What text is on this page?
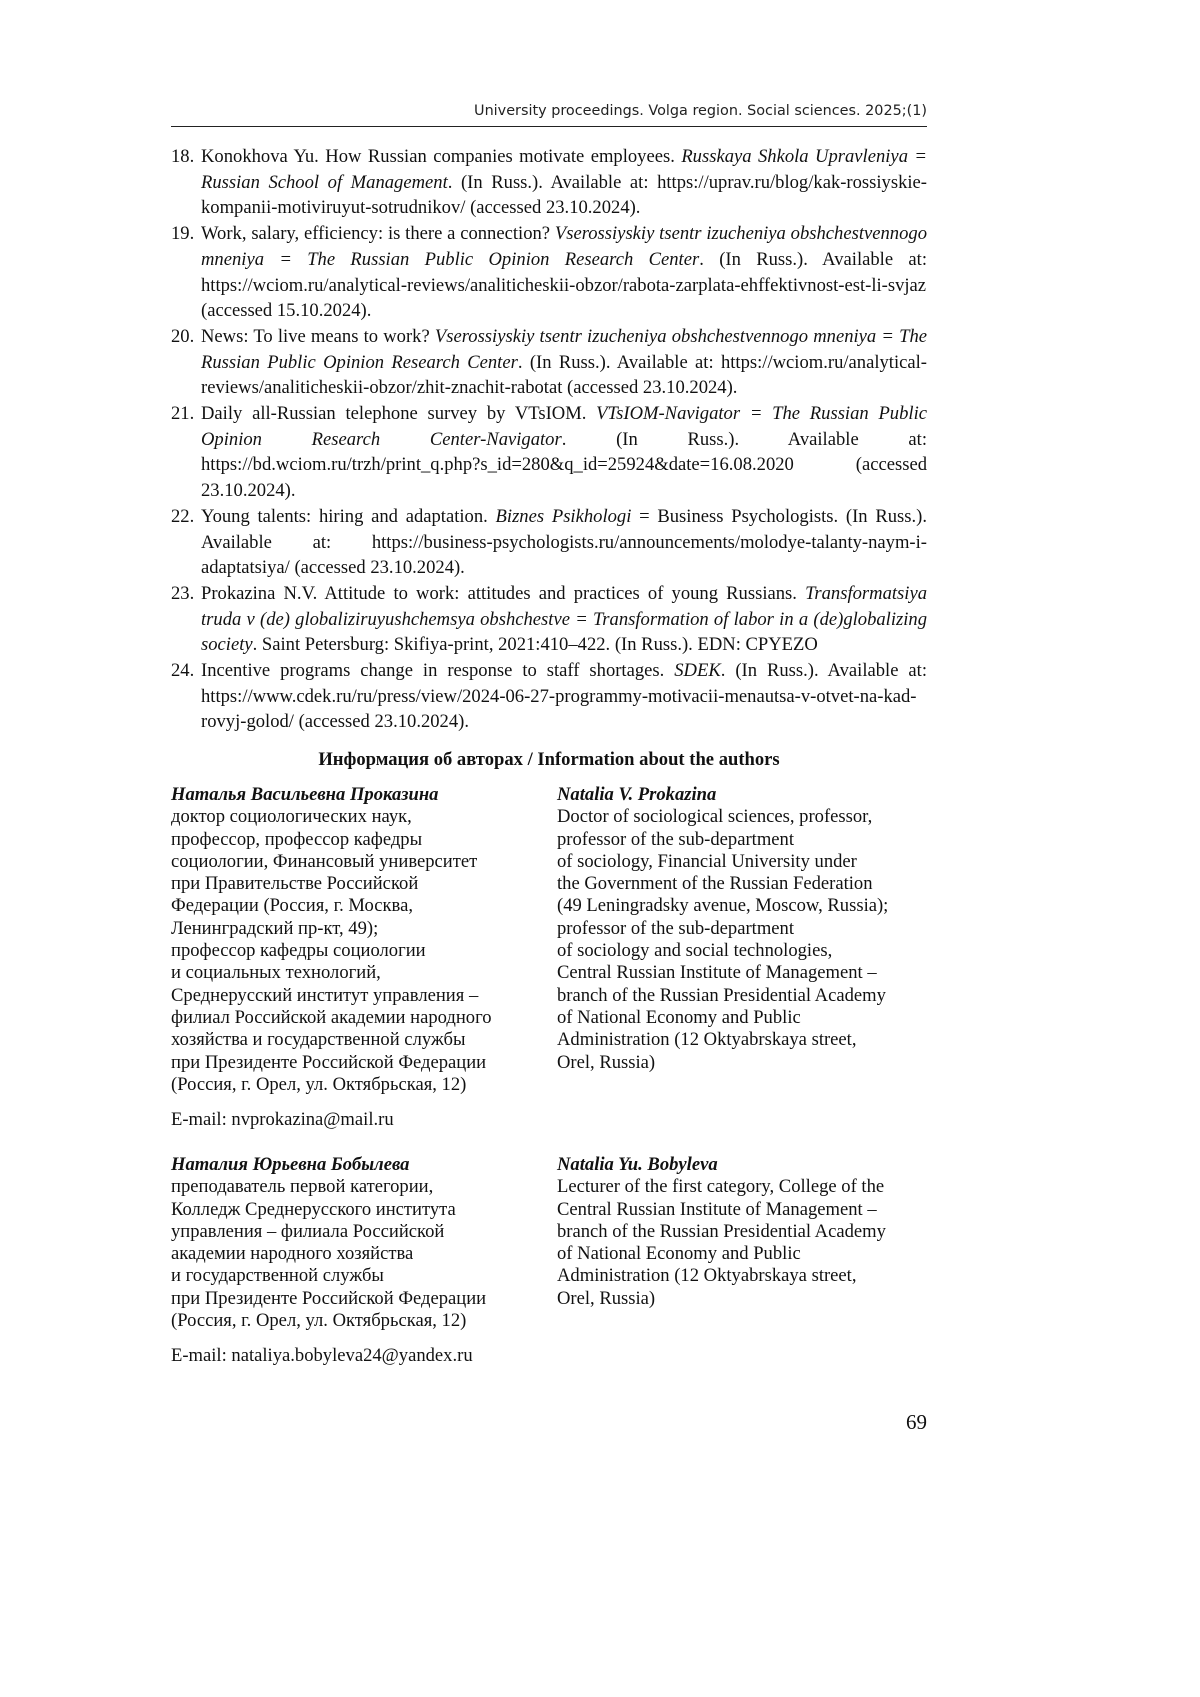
University proceedings. Volga region. Social sciences. 2025;(1)
18. Konokhova Yu. How Russian companies motivate employees. Russkaya Shkola Upravleniya = Russian School of Management. (In Russ.). Available at: https://uprav.ru/blog/kak-rossiyskie-kompanii-motiviruyut-sotrudnikov/ (accessed 23.10.2024).
19. Work, salary, efficiency: is there a connection? Vserossiyskiy tsentr izucheniya obshchestvennogo mneniya = The Russian Public Opinion Research Center. (In Russ.). Available at: https://wciom.ru/analytical-reviews/analiticheskii-obzor/rabota-zarplata-ehffektivnost-est-li-svjaz (accessed 15.10.2024).
20. News: To live means to work? Vserossiyskiy tsentr izucheniya obshchestvennogo mneniya = The Russian Public Opinion Research Center. (In Russ.). Available at: https://wciom.ru/analytical-reviews/analiticheskii-obzor/zhit-znachit-rabotat (accessed 23.10.2024).
21. Daily all-Russian telephone survey by VTsIOM. VTsIOM-Navigator = The Russian Public Opinion Research Center-Navigator. (In Russ.). Available at: https://bd.wciom.ru/trzh/print_q.php?s_id=280&q_id=25924&date=16.08.2020 (accessed 23.10.2024).
22. Young talents: hiring and adaptation. Biznes Psikhologi = Business Psychologists. (In Russ.). Available at: https://business-psychologists.ru/announcements/molodye-talanty-naym-i-adaptatsiya/ (accessed 23.10.2024).
23. Prokazina N.V. Attitude to work: attitudes and practices of young Russians. Transformatsiya truda v (de) globaliziruyushchemsya obshchestve = Transformation of labor in a (de)globalizing society. Saint Petersburg: Skifiya-print, 2021:410–422. (In Russ.). EDN: CPYEZO
24. Incentive programs change in response to staff shortages. SDEK. (In Russ.). Available at: https://www.cdek.ru/ru/press/view/2024-06-27-programmy-motivacii-menautsa-v-otvet-na-kad-rovyj-golod/ (accessed 23.10.2024).
Информация об авторах / Information about the authors
Наталья Васильевна Проказина
доктор социологических наук,
профессор, профессор кафедры
социологии, Финансовый университет
при Правительстве Российской
Федерации (Россия, г. Москва,
Ленинградский пр-кт, 49);
профессор кафедры социологии
и социальных технологий,
Среднерусский институт управления –
филиал Российской академии народного
хозяйства и государственной службы
при Президенте Российской Федерации
(Россия, г. Орел, ул. Октябрьская, 12)
Natalia V. Prokazina
Doctor of sociological sciences, professor,
professor of the sub-department
of sociology, Financial University under
the Government of the Russian Federation
(49 Leningradsky avenue, Moscow, Russia);
professor of the sub-department
of sociology and social technologies,
Central Russian Institute of Management –
branch of the Russian Presidential Academy
of National Economy and Public
Administration (12 Oktyabrskaya street,
Orel, Russia)
E-mail: nvprokazina@mail.ru
Наталия Юрьевна Бобылева
преподаватель первой категории,
Колледж Среднерусского института
управления – филиала Российской
академии народного хозяйства
и государственной службы
при Президенте Российской Федерации
(Россия, г. Орел, ул. Октябрьская, 12)
Natalia Yu. Bobyleva
Lecturer of the first category, College of the
Central Russian Institute of Management –
branch of the Russian Presidential Academy
of National Economy and Public
Administration (12 Oktyabrskaya street,
Orel, Russia)
E-mail: nataliya.bobyleva24@yandex.ru
69
